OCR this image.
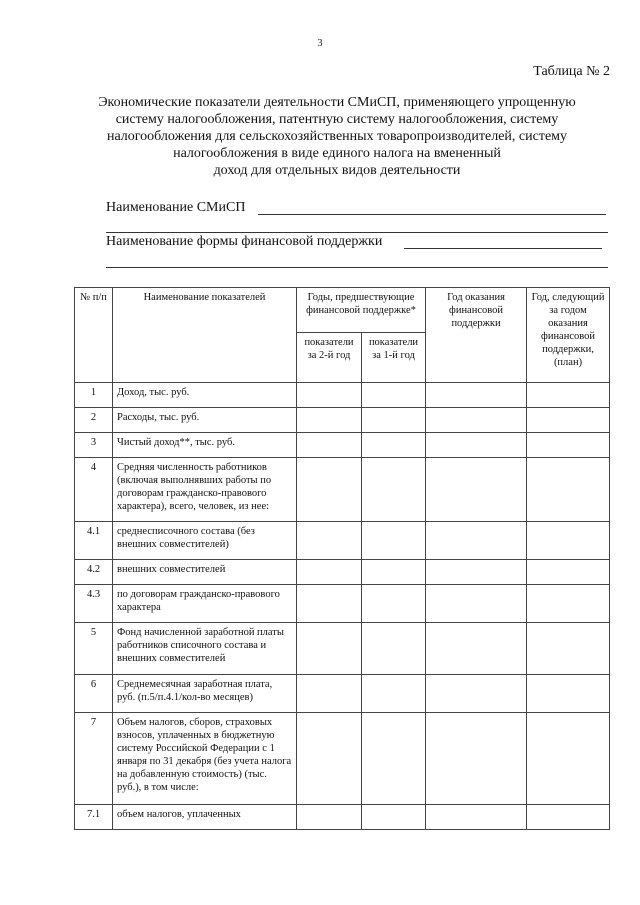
3
Таблица № 2
Экономические показатели деятельности СМиСП, применяющего упрощенную
систему налогообложения, патентную систему налогообложения, систему
налогообложения для сельскохозяйственных товаропроизводителей, систему
налогообложения в виде единого налога на вмененный
доход для отдельных видов деятельности
Наименование СМиСП
Наименование формы финансовой поддержки
№ п/п	Наименование показателей	Годы, предшествующие финансовой поддержке*		Год оказания финансовой поддержки	Год, следующий за годом оказания финансовой поддержки, (план)
		показатели за 2-й год	показатели за 1-й год		
1	Доход, тыс. руб.				
2	Расходы, тыс. руб.				
3	Чистый доход**, тыс. руб.				
4	Средняя численность работников (включая выполнявших работы по договорам гражданско-правового характера), всего, человек, из нее:				
4.1	среднесписочного состава (без внешних совместителей)				
4.2	внешних совместителей				
4.3	по договорам гражданско-правового характера				
5	Фонд начисленной заработной платы работников списочного состава и внешних совместителей				
6	Среднемесячная заработная плата, руб. (п.5/п.4.1/кол-во месяцев)				
7	Объем налогов, сборов, страховых взносов, уплаченных в бюджетную систему Российской Федерации с 1 января по 31 декабря (без учета налога на добавленную стоимость) (тыс. руб.), в том числе:				
7.1	объем налогов, уплаченных				
